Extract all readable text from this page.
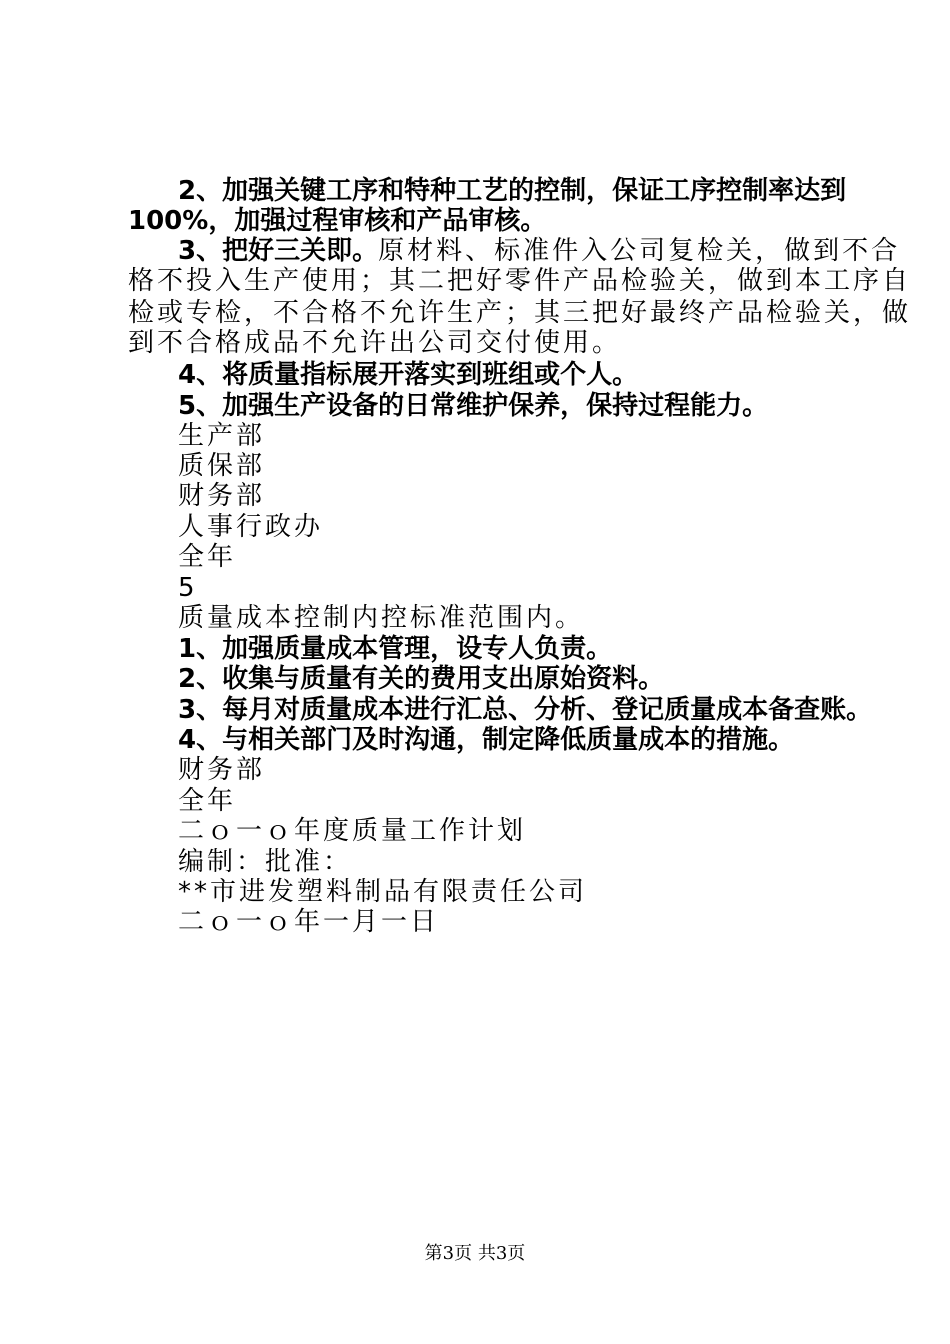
2、加强关键工序和特种工艺的控制，保证工序控制率达到
100%，加强过程审核和产品审核。
3、把好三关即。原材料、标准件入公司复检关，做到不合
格不投入生产使用；其二把好零件产品检验关，做到本工序自
检或专检，不合格不允许生产；其三把好最终产品检验关，做
到不合格成品不允许出公司交付使用。
4、将质量指标展开落实到班组或个人。
5、加强生产设备的日常维护保养，保持过程能力。
生产部
质保部
财务部
人事行政办
全年
5
质量成本控制内控标准范围内。
1、加强质量成本管理，设专人负责。
2、收集与质量有关的费用支出原始资料。
3、每月对质量成本进行汇总、分析、登记质量成本备查账。
4、与相关部门及时沟通，制定降低质量成本的措施。
财务部
全年
二ｏ一ｏ年度质量工作计划
编制：批准：
**市进发塑料制品有限责任公司
二ｏ一ｏ年一月一日
第3页 共3页
